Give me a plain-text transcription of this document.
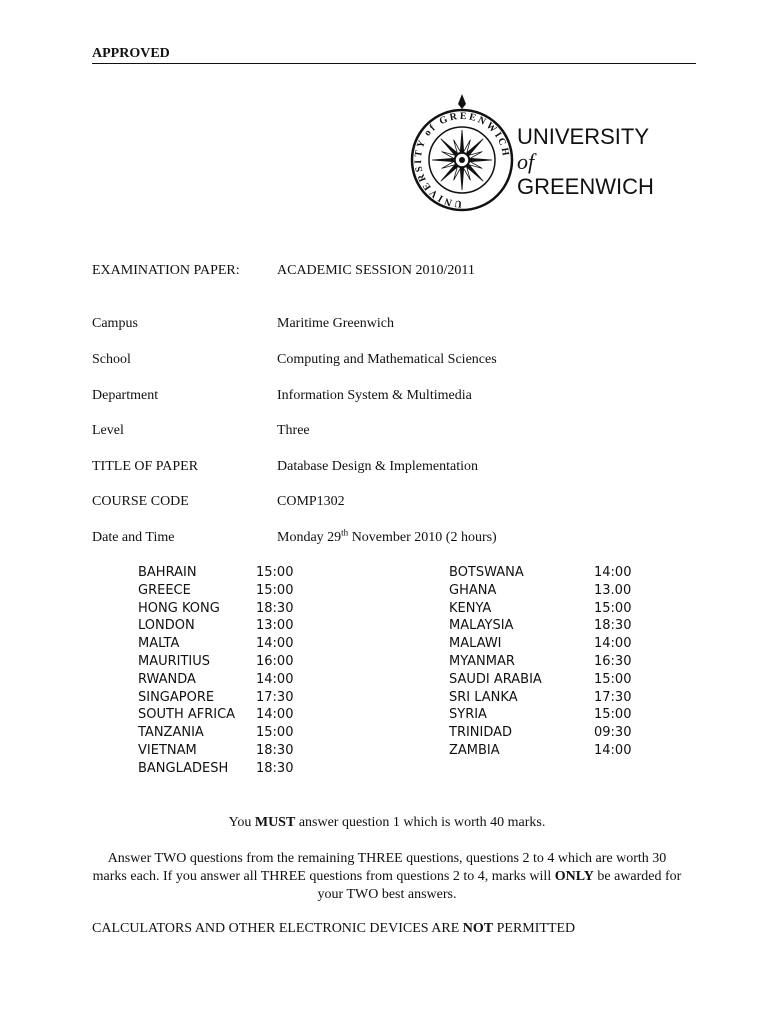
APPROVED
UNIVERSITY of GREENWICH
UNIVERSITY
of
GREENWICH
EXAMINATION PAPER:	ACADEMIC SESSION 2010/2011
Campus	Maritime Greenwich
School	Computing and Mathematical Sciences
Department	Information System & Multimedia
Level	Three
TITLE OF PAPER	Database Design & Implementation
COURSE CODE	COMP1302
Date and Time	Monday 29th November 2010 (2 hours)
BAHRAIN	15:00
GREECE	15:00
HONG KONG	18:30
LONDON	13:00
MALTA	14:00
MAURITIUS	16:00
RWANDA	14:00
SINGAPORE	17:30
SOUTH AFRICA 14:00
TANZANIA	15:00
VIETNAM	18:30
BANGLADESH 18:30
BOTSWANA	14:00
GHANA	13.00
KENYA	15:00
MALAYSIA	18:30
MALAWI	14:00
MYANMAR	16:30
SAUDI ARABIA	15:00
SRI LANKA	17:30
SYRIA	15:00
TRINIDAD	09:30
ZAMBIA	14:00
You MUST answer question 1 which is worth 40 marks.
Answer TWO questions from the remaining THREE questions, questions 2 to 4 which are worth 30 marks each. If you answer all THREE questions from questions 2 to 4, marks will ONLY be awarded for your TWO best answers.
CALCULATORS AND OTHER ELECTRONIC DEVICES ARE NOT PERMITTED
